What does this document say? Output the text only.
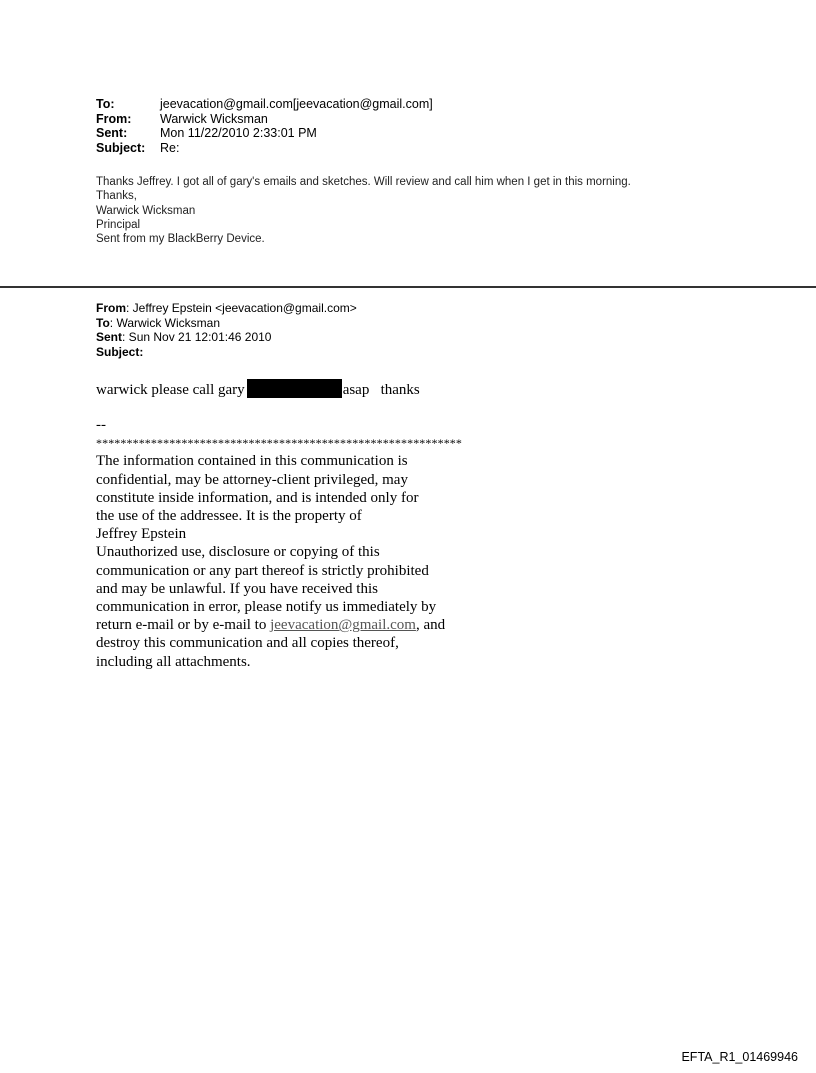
To:	jeevacation@gmail.com[jeevacation@gmail.com]
From:	Warwick Wicksman
Sent:	Mon 11/22/2010 2:33:01 PM
Subject:	Re:
Thanks Jeffrey. I got all of gary's emails and sketches. Will review and call him when I get in this morning.
Thanks,
Warwick Wicksman
Principal
Sent from my BlackBerry Device.
From: Jeffrey Epstein <jeevacation@gmail.com>
To: Warwick Wicksman
Sent: Sun Nov 21 12:01:46 2010
Subject:
warwick please call gary	asap   thanks
--
************************************************************
The information contained in this communication is
confidential, may be attorney-client privileged, may
constitute inside information, and is intended only for
the use of the addressee. It is the property of
Jeffrey Epstein
Unauthorized use, disclosure or copying of this
communication or any part thereof is strictly prohibited
and may be unlawful. If you have received this
communication in error, please notify us immediately by
return e-mail or by e-mail to jeevacation@gmail.com, and
destroy this communication and all copies thereof,
including all attachments.
EFTA_R1_01469946
